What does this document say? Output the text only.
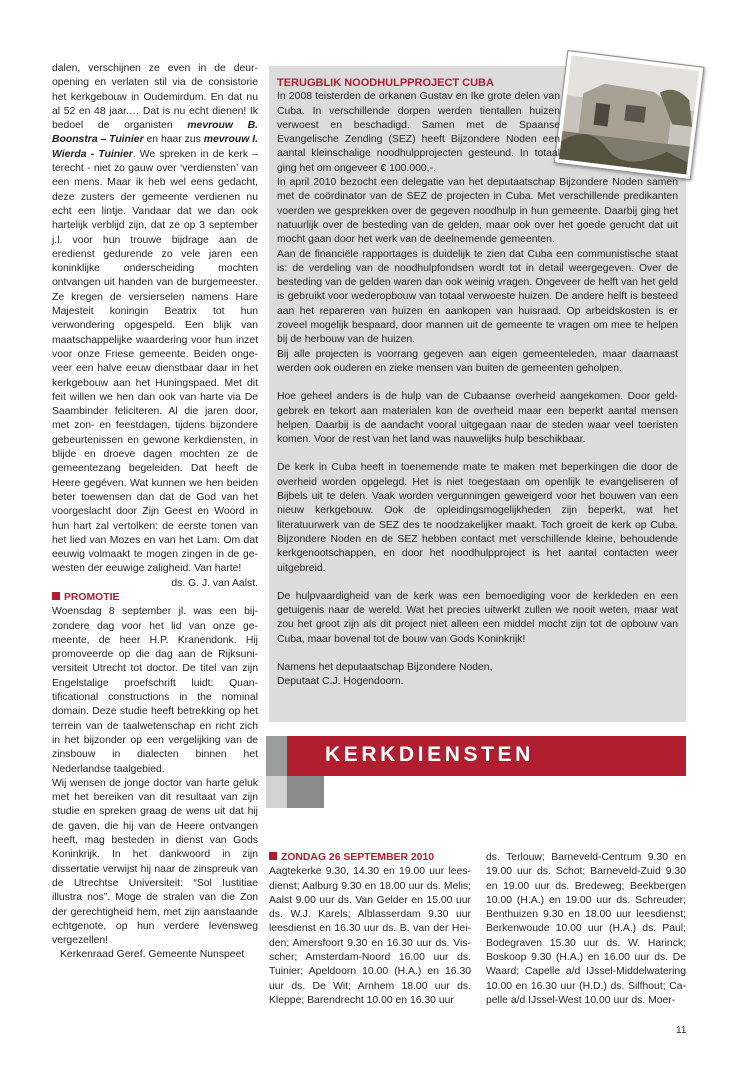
dalen, verschijnen ze even in de deuropening en verlaten stil via de consistorie het kerkgebouw in Oudemirdum. En dat nu al 52 en 48 jaar.… Dat is nu echt dienen! Ik bedoel de organisten mevrouw B. Boonstra – Tuinier en haar zus mevrouw I. Wierda - Tuinier. We spreken in de kerk – terecht - niet zo gauw over ‘verdiensten’ van een mens. Maar ik heb wel eens gedacht, deze zusters der gemeente verdienen nu echt een lintje. Vandaar dat we dan ook hartelijk verblijd zijn, dat ze op 3 september j.l. voor hun trouwe bijdrage aan de eredienst gedurende zo vele jaren een koninklijke onderscheiding mochten ontvangen uit handen van de burgemeester. Ze kregen de versierselen namens Hare Majesteit koningin Beatrix tot hun verwondering opgespeld. Een blijk van maatschappelijke waardering voor hun inzet voor onze Friese gemeente. Beiden ongeveer een halve eeuw dienstbaar daar in het kerkgebouw aan het Huningspaed. Met dit feit willen we hen dan ook van harte via De Saambinder feliciteren. Al die jaren door, met zon- en feestdagen, tijdens bijzondere gebeurtenissen en gewone kerkdiensten, in blijde en droeve dagen mochten ze de gemeentezang begeleiden. Dat heeft de Heere gegéven. Wat kunnen we hen beiden beter toewensen dan dat de God van het voorgeslacht door Zijn Geest en Woord in hun hart zal vertolken: de eerste tonen van het lied van Mozes en van het Lam. Om dat eeuwig volmaakt te mogen zingen in de gewesten der eeuwige zaligheid. Van harte!

ds. G. J. van Aalst.

PROMOTIE

Woensdag 8 september jl. was een bijzondere dag voor het lid van onze gemeente, de heer H.P. Kranendonk. Hij promoveerde op die dag aan de Rijksuniversiteit Utrecht tot doctor. De titel van zijn Engelstalige proefschrift luidt: Quantificational constructions in the nominal domain. Deze studie heeft betrekking op het terrein van de taalwetenschap en richt zich in het bijzonder op een vergelijking van de zinsbouw in dialecten binnen het Nederlandse taalgebied.

Wij wensen de jonge doctor van harte geluk met het bereiken van dit resultaat van zijn studie en spreken graag de wens uit dat hij de gaven, die hij van de Heere ontvangen heeft, mag besteden in dienst van Gods Koninkrijk. In het dankwoord in zijn dissertatie verwijst hij naar de zinspreuk van de Utrechtse Universiteit: “Sol Iustitiae illustra nos”. Moge de stralen van die Zon der gerechtigheid hem, met zijn aanstaande echtgenote, op hun verdere levensweg vergezellen!

Kerkenraad Geref. Gemeente Nunspeet

TERUGBLIK NOODHULPPROJECT CUBA

In 2008 teisterden de orkanen Gustav en Ike grote delen van Cuba. In verschillende dorpen werden tientallen huizen verwoest en beschadigd. Samen met de Spaanse Evangelische Zending (SEZ) heeft Bijzondere Noden een aantal kleinschalige noodhulpprojecten gesteund. In totaal ging het om ongeveer € 100.000,-.

In april 2010 bezocht een delegatie van het deputaatschap Bijzondere Noden samen met de coördinator van de SEZ de projecten in Cuba. Met verschillende predikanten voerden we gesprekken over de gegeven noodhulp in hun gemeente. Daarbij ging het natuurlijk over de besteding van de gelden, maar ook over het goede gerucht dat uit mocht gaan door het werk van de deelnemende gemeenten.

Aan de financiële rapportages is duidelijk te zien dat Cuba een communistische staat is: de verdeling van de noodhulpfondsen wordt tot in detail weergegeven. Over de besteding van de gelden waren dan ook weinig vragen. Ongeveer de helft van het geld is gebruikt voor wederopbouw van totaal verwoeste huizen. De andere helft is besteed aan het repareren van huizen en aankopen van huisraad. Op arbeidskosten is er zoveel mogelijk bespaard, door mannen uit de gemeente te vragen om mee te helpen bij de herbouw van de huizen.

Bij alle projecten is voorrang gegeven aan eigen gemeenteleden, maar daarnaast werden ook ouderen en zieke mensen van buiten de gemeenten geholpen.

Hoe geheel anders is de hulp van de Cubaanse overheid aangekomen. Door geldgebrek en tekort aan materialen kon de overheid maar een beperkt aantal mensen helpen. Daarbij is de aandacht vooral uitgegaan naar de steden waar veel toeristen komen. Voor de rest van het land was nauwelijks hulp beschikbaar.

De kerk in Cuba heeft in toenemende mate te maken met beperkingen die door de overheid worden opgelegd. Het is niet toegestaan om openlijk te evangeliseren of Bijbels uit te delen. Vaak worden vergunningen geweigerd voor het bouwen van een nieuw kerkgebouw. Ook de opleidingsmogelijkheden zijn beperkt, wat het literatuurwerk van de SEZ des te noodzakelijker maakt. Toch groeit de kerk op Cuba. Bijzondere Noden en de SEZ hebben contact met verschillende kleine, behoudende kerkgenootschappen, en door het noodhulpproject is het aantal contacten weer uitgebreid.

De hulpvaardigheid van de kerk was een bemoediging voor de kerkleden en een getuigenis naar de wereld. Wat het precies uitwerkt zullen we nooit weten, maar wat zou het groot zijn als dit project niet alleen een middel mocht zijn tot de opbouw van Cuba, maar bovenal tot de bouw van Gods Koninkrijk!

Namens het deputaatschap Bijzondere Noden,

Deputaat C.J. Hogendoorn.

KERKDIENSTEN

ZONDAG 26 SEPTEMBER 2010

Aagtekerke 9.30, 14.30 en 19.00 uur leesdienst; Aalburg 9.30 en 18.00 uur ds. Melis; Aalst 9.00 uur ds. Van Gelder en 15.00 uur ds. W.J. Karels; Alblasserdam 9.30 uur leesdienst en 16.30 uur ds. B. van der Heiden; Amersfoort 9.30 en 16.30 uur ds. Visscher; Amsterdam-Noord 16.00 uur ds. Tuinier; Apeldoorn 10.00 (H.A.) en 16.30 uur ds. De Wit; Arnhem 18.00 uur ds. Kleppe; Barendrecht 10.00 en 16.30 uur

ds. Terlouw; Barneveld-Centrum 9.30 en 19.00 uur ds. Schot; Barneveld-Zuid 9.30 en 19.00 uur ds. Bredeweg; Beekbergen 10.00 (H.A.) en 19.00 uur ds. Schreuder; Benthuizen 9.30 en 18.00 uur leesdienst; Berkenwoude 10.00 uur (H.A.) ds. Paul; Bodegraven 15.30 uur ds. W. Harinck; Boskoop 9.30 (H.A.) en 16.00 uur ds. De Waard; Capelle a/d IJssel-Middelwatering 10.00 en 16.30 uur (H.D.) ds. Silfhout; Capelle a/d IJssel-West 10.00 uur ds. Moer-

11
